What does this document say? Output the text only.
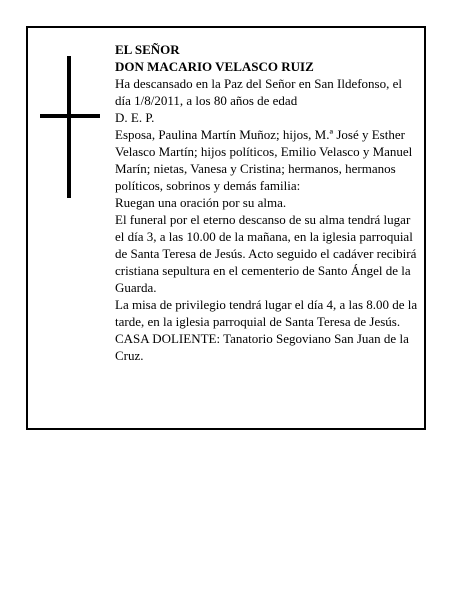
EL SEÑOR

DON MACARIO VELASCO RUIZ

Ha descansado en la Paz del Señor en San Ildefonso, el día 1/8/2011, a los 80 años de edad

D. E. P.

Esposa, Paulina Martín Muñoz; hijos, M.ª José y Esther Velasco Martín; hijos políticos, Emilio Velasco y Manuel Marín; nietas, Vanesa y Cristina; hermanos, hermanos políticos, sobrinos y demás familia:

Ruegan una oración por su alma.

El funeral por el eterno descanso de su alma tendrá lugar el día 3, a las 10.00 de la mañana, en la iglesia parroquial de Santa Teresa de Jesús. Acto seguido el cadáver recibirá cristiana sepultura en el cementerio de Santo Ángel de la Guarda.

La misa de privilegio tendrá lugar el día 4, a las 8.00 de la tarde, en la iglesia parroquial de Santa Teresa de Jesús.

CASA DOLIENTE: Tanatorio Segoviano San Juan de la Cruz.
